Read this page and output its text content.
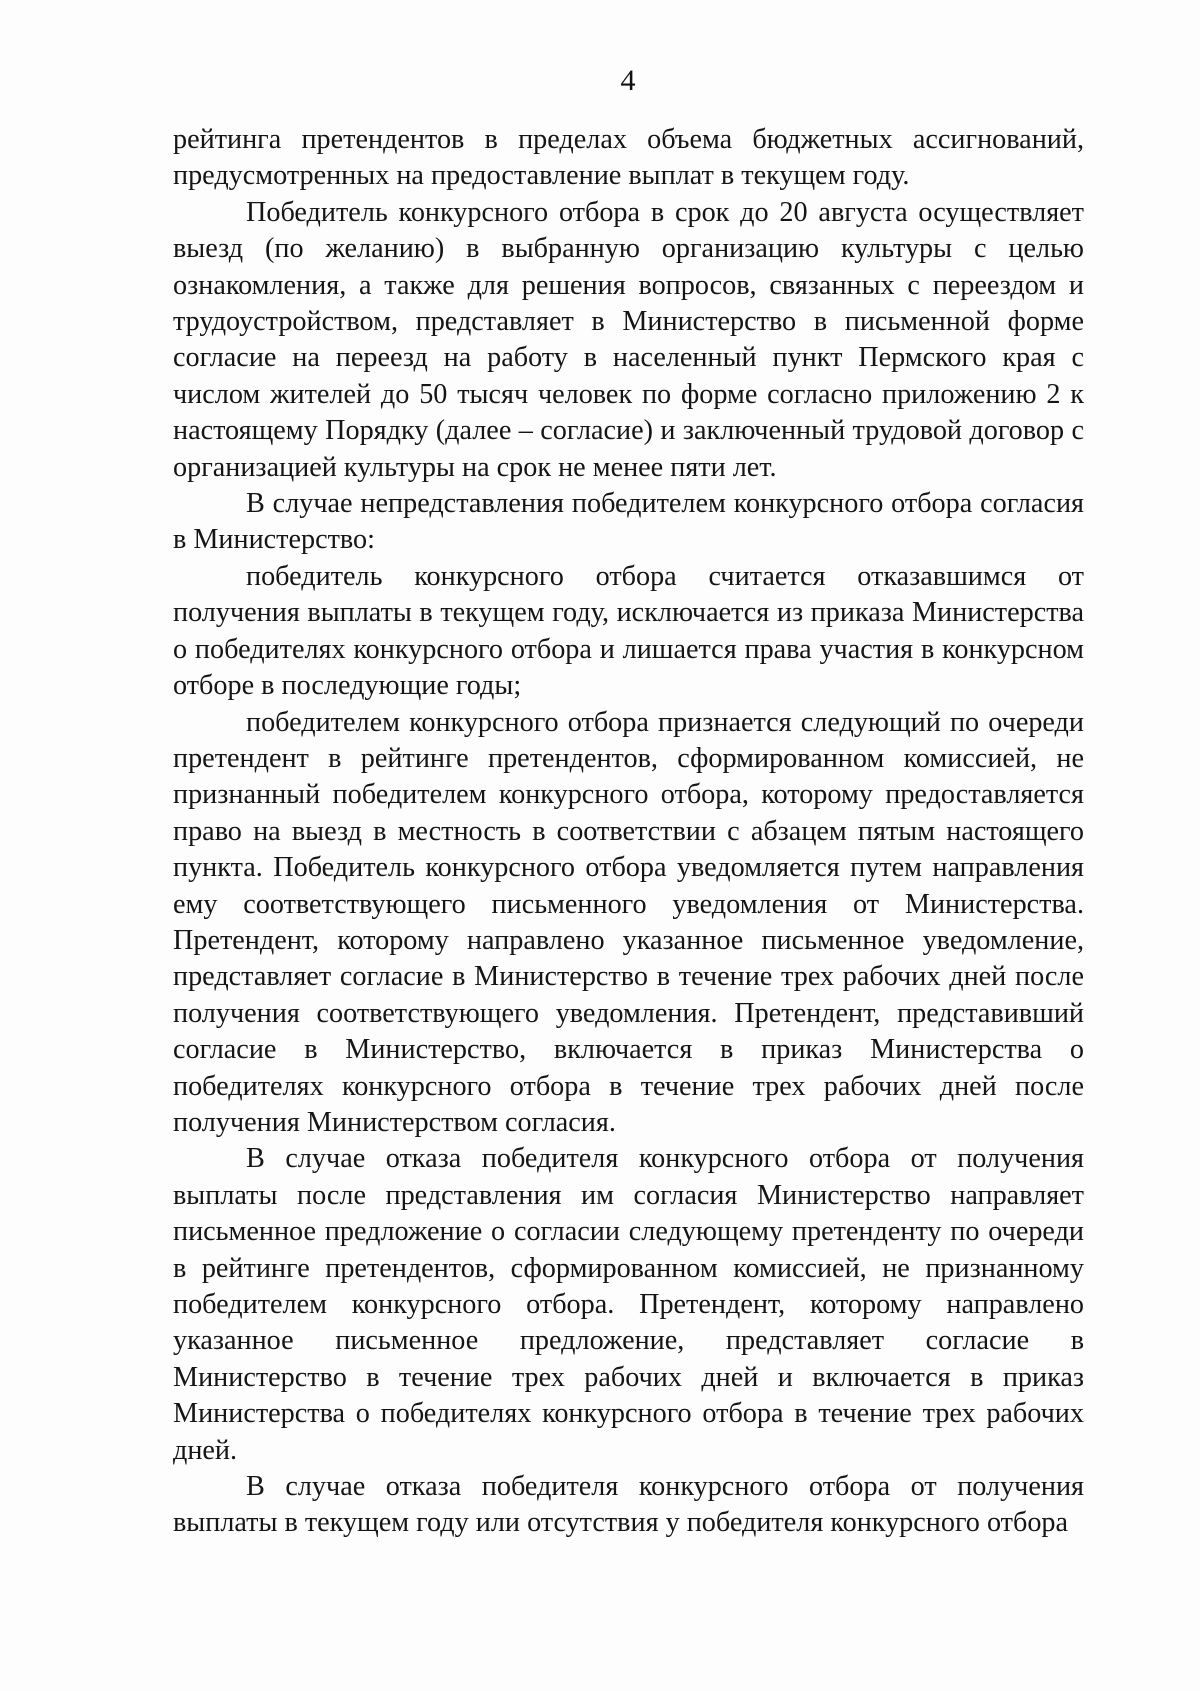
4

рейтинга претендентов в пределах объема бюджетных ассигнований, предусмотренных на предоставление выплат в текущем году.

Победитель конкурсного отбора в срок до 20 августа осуществляет выезд (по желанию) в выбранную организацию культуры с целью ознакомления, а также для решения вопросов, связанных с переездом и трудоустройством, представляет в Министерство в письменной форме согласие на переезд на работу в населенный пункт Пермского края с числом жителей до 50 тысяч человек по форме согласно приложению 2 к настоящему Порядку (далее – согласие) и заключенный трудовой договор с организацией культуры на срок не менее пяти лет.

В случае непредставления победителем конкурсного отбора согласия в Министерство:

победитель конкурсного отбора считается отказавшимся от получения выплаты в текущем году, исключается из приказа Министерства о победителях конкурсного отбора и лишается права участия в конкурсном отборе в последующие годы;

победителем конкурсного отбора признается следующий по очереди претендент в рейтинге претендентов, сформированном комиссией, не признанный победителем конкурсного отбора, которому предоставляется право на выезд в местность в соответствии с абзацем пятым настоящего пункта. Победитель конкурсного отбора уведомляется путем направления ему соответствующего письменного уведомления от Министерства. Претендент, которому направлено указанное письменное уведомление, представляет согласие в Министерство в течение трех рабочих дней после получения соответствующего уведомления. Претендент, представивший согласие в Министерство, включается в приказ Министерства о победителях конкурсного отбора в течение трех рабочих дней после получения Министерством согласия.

В случае отказа победителя конкурсного отбора от получения выплаты после представления им согласия Министерство направляет письменное предложение о согласии следующему претенденту по очереди в рейтинге претендентов, сформированном комиссией, не признанному победителем конкурсного отбора. Претендент, которому направлено указанное письменное предложение, представляет согласие в Министерство в течение трех рабочих дней и включается в приказ Министерства о победителях конкурсного отбора в течение трех рабочих дней.

В случае отказа победителя конкурсного отбора от получения выплаты в текущем году или отсутствия у победителя конкурсного отбора
